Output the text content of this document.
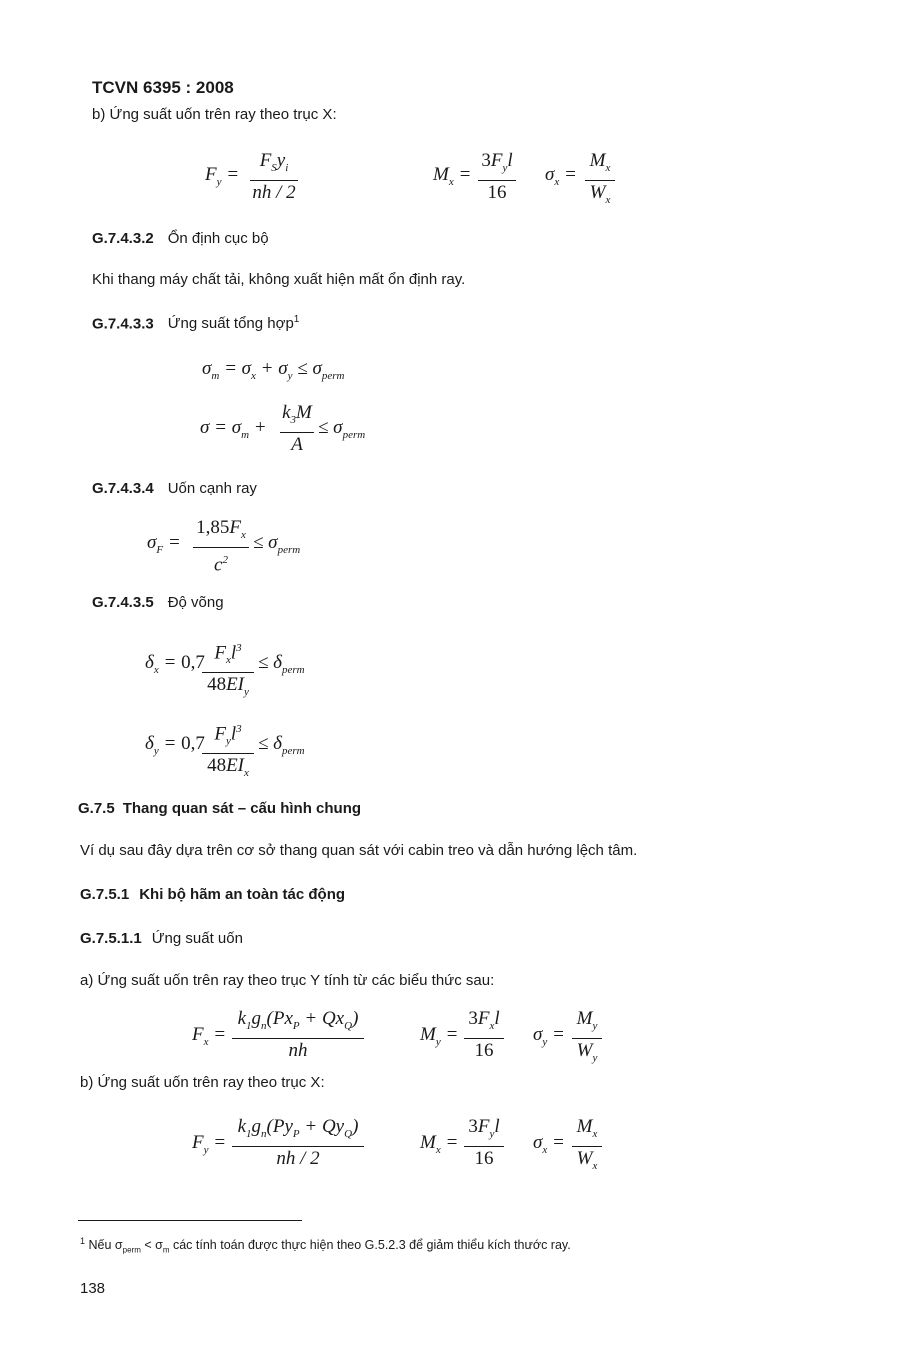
TCVN 6395 : 2008
b) Ứng suất uốn trên ray theo trục X:
$F_y$ =
$F_Sy_i$
nh / 2
$M_x$ =
$3F_yl$
16
$\sigma_x$ =
$M_x$
$W_x$
G.7.4.3.2 Ổn định cục bộ
Khi thang máy chất tải, không xuất hiện mất ổn định ray.
G.7.4.3.3 Ứng suất tổng hợp$^1$
$\sigma_m = \sigma_x + \sigma_y \le \sigma_{perm}$
$\sigma = \sigma_m$ +
$k_3M$
A
≤ $\sigma_{perm}$
G.7.4.3.4 Uốn cạnh ray
$\sigma_F$ =
$1,85F_x$
$c^2$
≤ $\sigma_{perm}$
G.7.4.3.5 Độ võng
$\delta_x = 0,7$ $F_xl^3$
$48EI_y$
≤ $\delta_{perm}$
$\delta_y = 0,7$ $F_yl^3$
$48EI_x$
≤ $\delta_{perm}$
G.7.5 Thang quan sát – cấu hình chung
Ví dụ sau đây dựa trên cơ sở thang quan sát với cabin treo và dẫn hướng lệch tâm.
G.7.5.1 Khi bộ hãm an toàn tác động
G.7.5.1.1 Ứng suất uốn
a) Ứng suất uốn trên ray theo trục Y tính từ các biểu thức sau:
$F_x$ =
$k_1g_n(Px_P + Qx_Q)$
nh
$M_y$ =
$3F_xl$
16
$\sigma_y$ =
$M_y$
$W_y$
b) Ứng suất uốn trên ray theo trục X:
$F_y$ =
$k_1g_n(Py_P + Qy_Q)$
nh / 2
$M_x$ =
$3F_yl$
16
$\sigma_x$ =
$M_x$
$W_x$
$^1$ Nếu $\sigma_{perm} < \sigma_m$ các tính toán được thực hiện theo G.5.2.3 để giảm thiểu kích thước ray.
138
